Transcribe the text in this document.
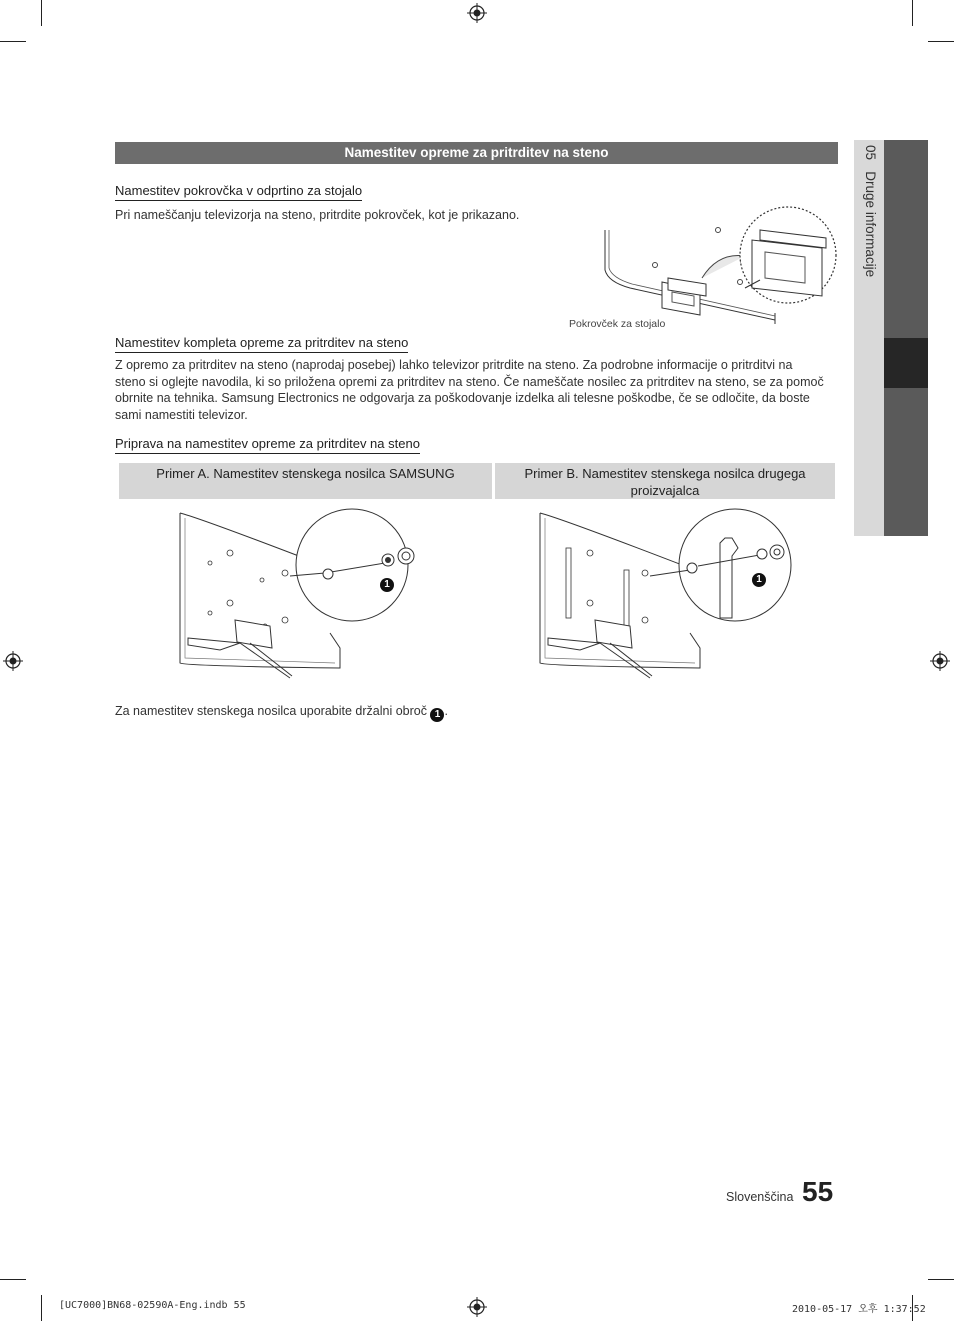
05   Druge informacije
Namestitev opreme za pritrditev na steno
Namestitev pokrovčka v odprtino za stojalo
Pri nameščanju televizorja na steno, pritrdite pokrovček, kot je prikazano.
Pokrovček za stojalo
Namestitev kompleta opreme za pritrditev na steno
Z opremo za pritrditev na steno (naprodaj posebej) lahko televizor pritrdite na steno. Za podrobne informacije o pritrditvi na steno si oglejte navodila, ki so priložena opremi za pritrditev na steno. Če nameščate nosilec za pritrditev na steno, se za pomoč obrnite na tehnika. Samsung Electronics ne odgovarja za poškodovanje izdelka ali telesne poškodbe, če se odločite, da boste sami namestiti televizor.
Priprava na namestitev opreme za pritrditev na steno
Primer A. Namestitev stenskega nosilca SAMSUNG	Primer B. Namestitev stenskega nosilca drugega proizvajalca
1	1
Za namestitev stenskega nosilca uporabite držalni obroč 1 .
Slovenščina 55
[UC7000]BN68-02590A-Eng.indb 55	2010-05-17 오후 1:37:52
